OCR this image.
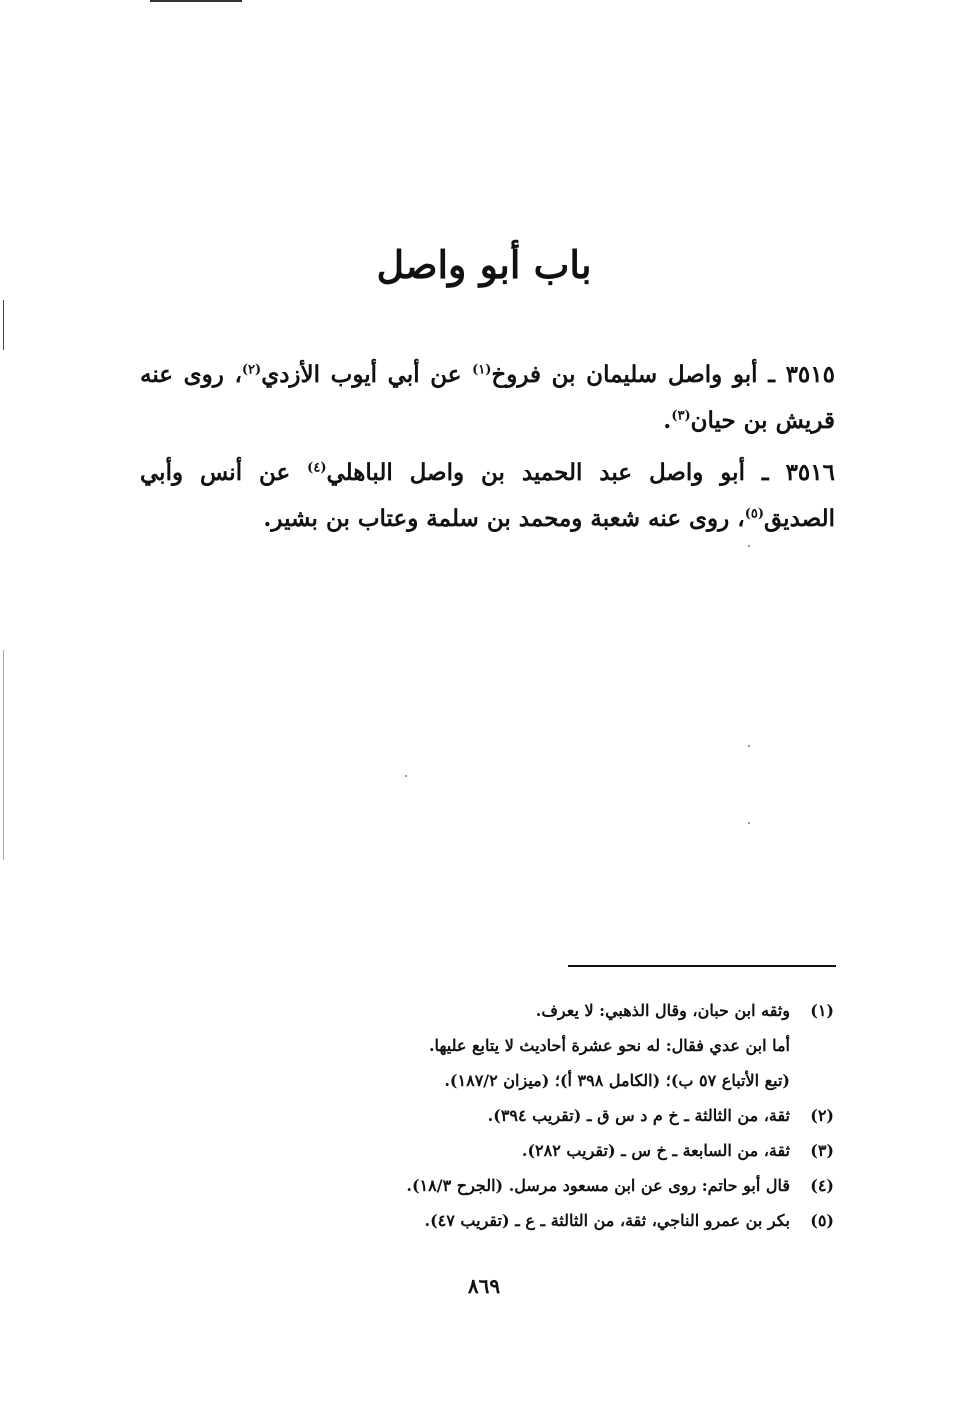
باب أبو واصل
٣٥١٥ ـ أبو واصل سليمان بن فروخ$^{(١)}$ عن أبي أيوب الأزدي$^{(٢)}$، روى عنه قريش بن حيان$^{(٣)}$.
٣٥١٦ ـ أبو واصل عبد الحميد بن واصل الباهلي$^{(٤)}$ عن أنس وأبي الصديق$^{(٥)}$، روى عنه شعبة ومحمد بن سلمة وعتاب بن بشير.
(١)وثقه ابن حبان، وقال الذهبي: لا يعرف.
أما ابن عدي فقال: له نحو عشرة أحاديث لا يتابع عليها.
(تبع الأتباع ٥٧ ب)؛ (الكامل ٣٩٨ أ)؛ (ميزان ١٨٧/٢).
(٢)ثقة، من الثالثة ـ خ م د س ق ـ (تقريب ٣٩٤).
(٣)ثقة، من السابعة ـ خ س ـ (تقريب ٢٨٢).
(٤)قال أبو حاتم: روى عن ابن مسعود مرسل. (الجرح ١٨/٣).
(٥)بكر بن عمرو الناجي، ثقة، من الثالثة ـ ع ـ (تقريب ٤٧).
٨٦٩
